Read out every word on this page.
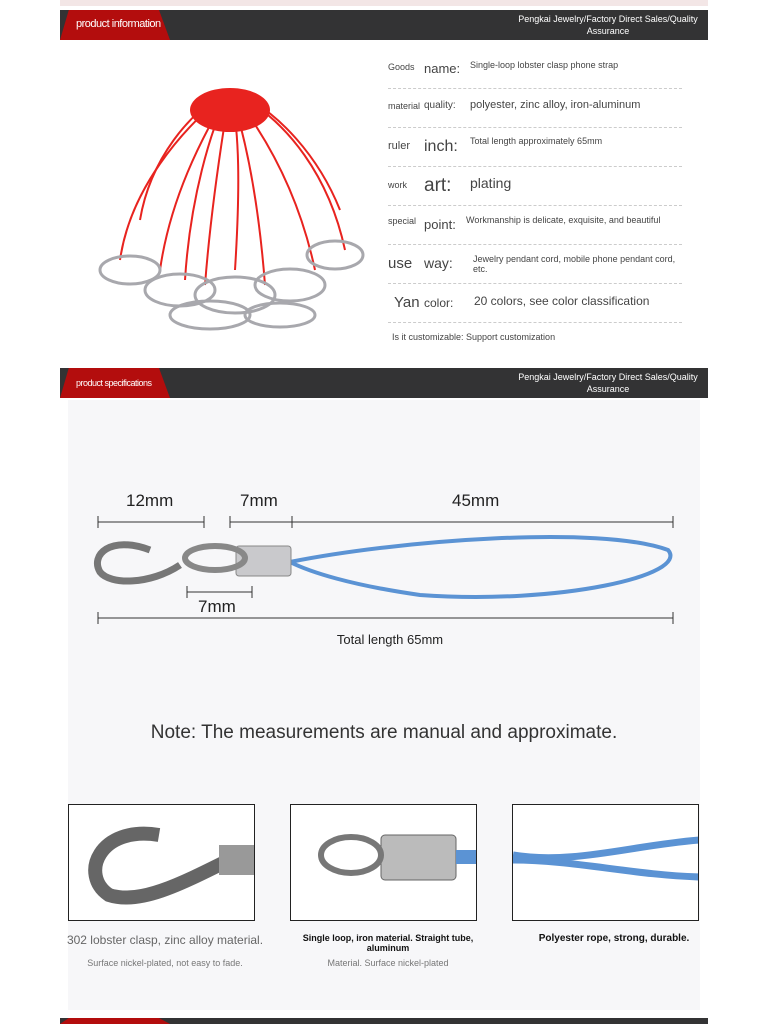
product information	Pengkai Jewelry/Factory Direct Sales/Quality Assurance
Goods name: Single-loop lobster clasp phone strap
material quality: polyester, zinc alloy, iron-aluminum
ruler inch: Total length approximately 65mm
work art: plating
special point: Workmanship is delicate, exquisite, and beautiful
use way: Jewelry pendant cord, mobile phone pendant cord, etc.
Yan color: 20 colors, see color classification
Is it customizable: Support customization
product specifications
Pengkai Jewelry/Factory Direct Sales/Quality Assurance
12mm	7mm	45mm
7mm
Total length 65mm
Note: The measurements are manual and approximate.
302 lobster clasp, zinc alloy material.
Surface nickel-plated, not easy to fade.
Single loop, iron material. Straight tube, aluminum
Material. Surface nickel-plated
Polyester rope, strong, durable.
